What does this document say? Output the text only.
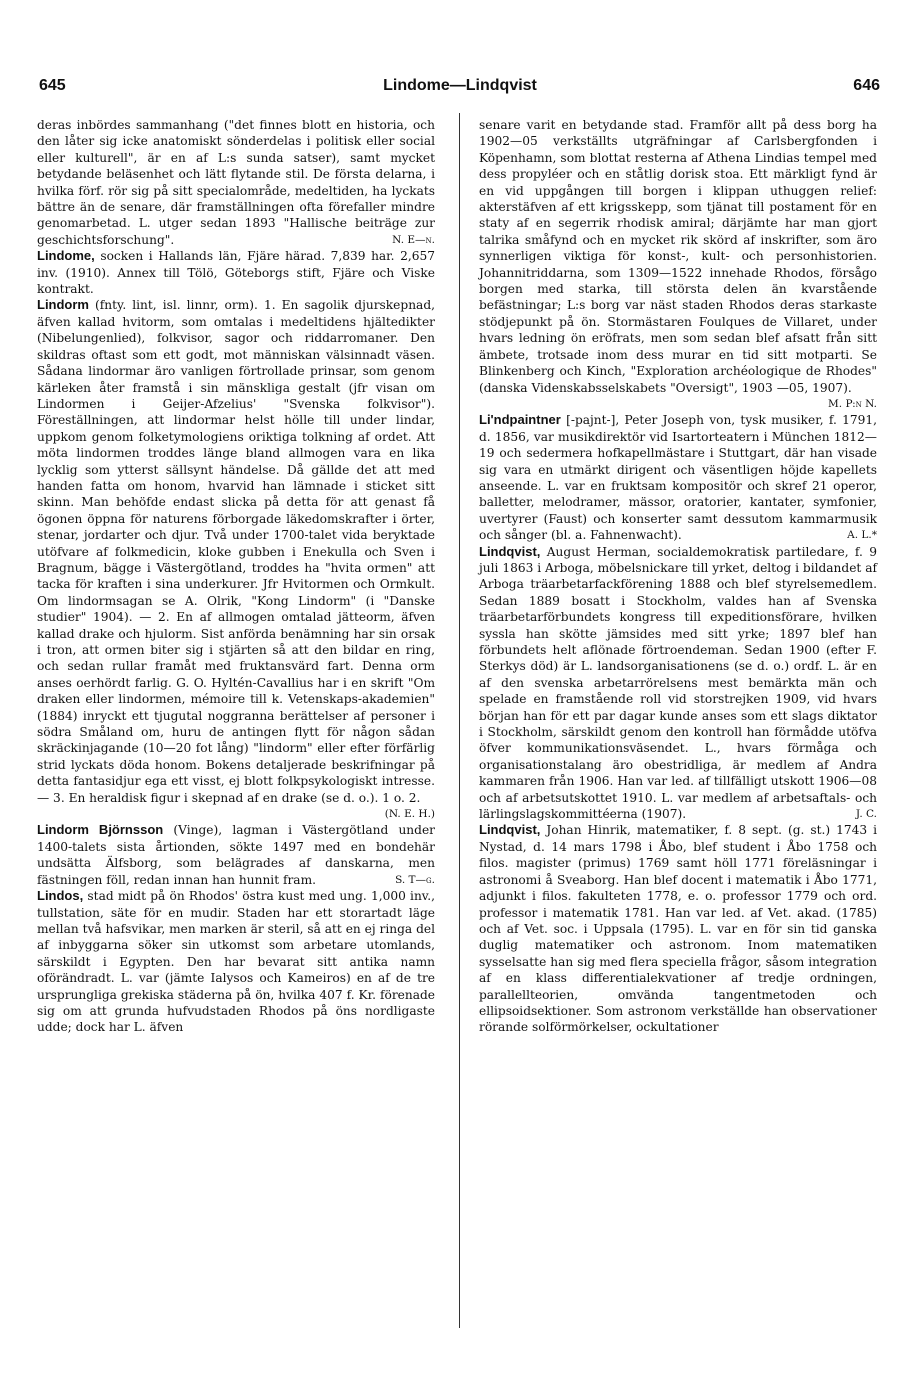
645	Lindome—Lindqvist	646

deras inbördes sammanhang ("det finnes blott en historia, och den låter sig icke anatomiskt sönderdelas i politisk eller social eller kulturell", är en af L:s sunda satser), samt mycket betydande beläsenhet och lätt flytande stil. De första delarna, i hvilka förf. rör sig på sitt specialområde, medeltiden, ha lyckats bättre än de senare, där framställningen ofta förefaller mindre genomarbetad. L. utger sedan 1893 "Hallische beiträge zur geschichtsforschung".	N. E—n.

Lindome, socken i Hallands län, Fjäre härad. 7,839 har. 2,657 inv. (1910). Annex till Tölö, Göteborgs stift, Fjäre och Viske kontrakt.

Lindorm (fnty. lint, isl. linnr, orm). 1. En sagolik djurskepnad, äfven kallad hvitorm, som omtalas i medeltidens hjältedikter (Nibelungenlied), folkvisor, sagor och riddarromaner. Den skildras oftast som ett godt, mot människan välsinnadt väsen. Sådana lindormar äro vanligen förtrollade prinsar, som genom kärleken åter framstå i sin mänskliga gestalt (jfr visan om Lindormen i Geijer-Afzelius' "Svenska folkvisor"). Föreställningen, att lindormar helst hölle till under lindar, uppkom genom folketymologiens oriktiga tolkning af ordet. Att möta lindormen troddes länge bland allmogen vara en lika lycklig som ytterst sällsynt händelse. Då gällde det att med handen fatta om honom, hvarvid han lämnade i sticket sitt skinn. Man behöfde endast slicka på detta för att genast få ögonen öppna för naturens förborgade läkedomskrafter i örter, stenar, jordarter och djur. Två under 1700-talet vida beryktade utöfvare af folkmedicin, kloke gubben i Enekulla och Sven i Bragnum, bägge i Västergötland, troddes ha "hvita ormen" att tacka för kraften i sina underkurer. Jfr Hvitormen och Ormkult. Om lindormsagan se A. Olrik, "Kong Lindorm" (i "Danske studier" 1904). — 2. En af allmogen omtalad jätteorm, äfven kallad drake och hjulorm. Sist anförda benämning har sin orsak i tron, att ormen biter sig i stjärten så att den bildar en ring, och sedan rullar framåt med fruktansvärd fart. Denna orm anses oerhördt farlig. G. O. Hyltén-Cavallius har i en skrift "Om draken eller lindormen, mémoire till k. Vetenskaps-akademien" (1884) inryckt ett tjugutal noggranna berättelser af personer i södra Småland om, huru de antingen flytt för någon sådan skräckinjagande (10—20 fot lång) "lindorm" eller efter förfärlig strid lyckats döda honom. Bokens detaljerade beskrifningar på detta fantasidjur ega ett visst, ej blott folkpsykologiskt intresse. — 3. En heraldisk figur i skepnad af en drake (se d. o.). 1 o. 2.
(N. E. H.)

Lindorm Björnsson (Vinge), lagman i Västergötland under 1400-talets sista årtionden, sökte 1497 med en bondehär undsätta Älfsborg, som belägrades af danskarna, men fästningen föll, redan innan han hunnit fram.	S. T—g.

Lindos, stad midt på ön Rhodos' östra kust med ung. 1,000 inv., tullstation, säte för en mudir. Staden har ett storartadt läge mellan två hafsvikar, men marken är steril, så att en ej ringa del af inbyggarna söker sin utkomst som arbetare utomlands, särskildt i Egypten. Den har bevarat sitt antika namn oförändradt. L. var (jämte Ialysos och Kameiros) en af de tre ursprungliga grekiska städerna på ön, hvilka 407 f. Kr. förenade sig om att grunda hufvudstaden Rhodos på öns nordligaste udde; dock har L. äfven

senare varit en betydande stad. Framför allt på dess borg ha 1902—05 verkställts utgräfningar af Carlsbergfonden i Köpenhamn, som blottat resterna af Athena Lindias tempel med dess propyléer och en ståtlig dorisk stoa. Ett märkligt fynd är en vid uppgången till borgen i klippan uthuggen relief: akterstäfven af ett krigsskepp, som tjänat till postament för en staty af en segerrik rhodisk amiral; därjämte har man gjort talrika småfynd och en mycket rik skörd af inskrifter, som äro synnerligen viktiga för konst-, kult- och personhistorien. Johannitriddarna, som 1309—1522 innehade Rhodos, försågo borgen med starka, till största delen än kvarstående befästningar; L:s borg var näst staden Rhodos deras starkaste stödjepunkt på ön. Stormästaren Foulques de Villaret, under hvars ledning ön eröfrats, men som sedan blef afsatt från sitt ämbete, trotsade inom dess murar en tid sitt motparti. Se Blinkenberg och Kinch, "Exploration archéologique de Rhodes" (danska Videnskabsselskabets "Oversigt", 1903 —05, 1907).
M. P:n N.

Li'ndpaintner [-pajnt-], Peter Joseph von, tysk musiker, f. 1791, d. 1856, var musikdirektör vid Isartorteatern i München 1812—19 och sedermera hofkapellmästare i Stuttgart, där han visade sig vara en utmärkt dirigent och väsentligen höjde kapellets anseende. L. var en fruktsam kompositör och skref 21 operor, balletter, melodramer, mässor, oratorier, kantater, symfonier, uvertyrer (Faust) och konserter samt dessutom kammarmusik och sånger (bl. a. Fahnenwacht).	A. L.*

Lindqvist, August Herman, socialdemokratisk partiledare, f. 9 juli 1863 i Arboga, möbelsnickare till yrket, deltog i bildandet af Arboga träarbetarfackförening 1888 och blef styrelsemedlem. Sedan 1889 bosatt i Stockholm, valdes han af Svenska träarbetarförbundets kongress till expeditionsförare, hvilken syssla han skötte jämsides med sitt yrke; 1897 blef han förbundets helt aflönade förtroendeman. Sedan 1900 (efter F. Sterkys död) är L. landsorganisationens (se d. o.) ordf. L. är en af den svenska arbetarrörelsens mest bemärkta män och spelade en framstående roll vid storstrejken 1909, vid hvars början han för ett par dagar kunde anses som ett slags diktator i Stockholm, särskildt genom den kontroll han förmådde utöfva öfver kommunikationsväsendet. L., hvars förmåga och organisationstalang äro obestridliga, är medlem af Andra kammaren från 1906. Han var led. af tillfälligt utskott 1906—08 och af arbetsutskottet 1910. L. var medlem af arbetsaftals- och lärlingslagskommittéerna (1907).	J. C.

Lindqvist, Johan Hinrik, matematiker, f. 8 sept. (g. st.) 1743 i Nystad, d. 14 mars 1798 i Åbo, blef student i Åbo 1758 och filos. magister (primus) 1769 samt höll 1771 föreläsningar i astronomi å Sveaborg. Han blef docent i matematik i Åbo 1771, adjunkt i filos. fakulteten 1778, e. o. professor 1779 och ord. professor i matematik 1781. Han var led. af Vet. akad. (1785) och af Vet. soc. i Uppsala (1795). L. var en för sin tid ganska duglig matematiker och astronom. Inom matematiken sysselsatte han sig med flera speciella frågor, såsom integration af en klass differentialekvationer af tredje ordningen, parallellteorien, omvända tangentmetoden och ellipsoidsektioner. Som astronom verkställde han observationer rörande solförmörkelser, ockultationer
